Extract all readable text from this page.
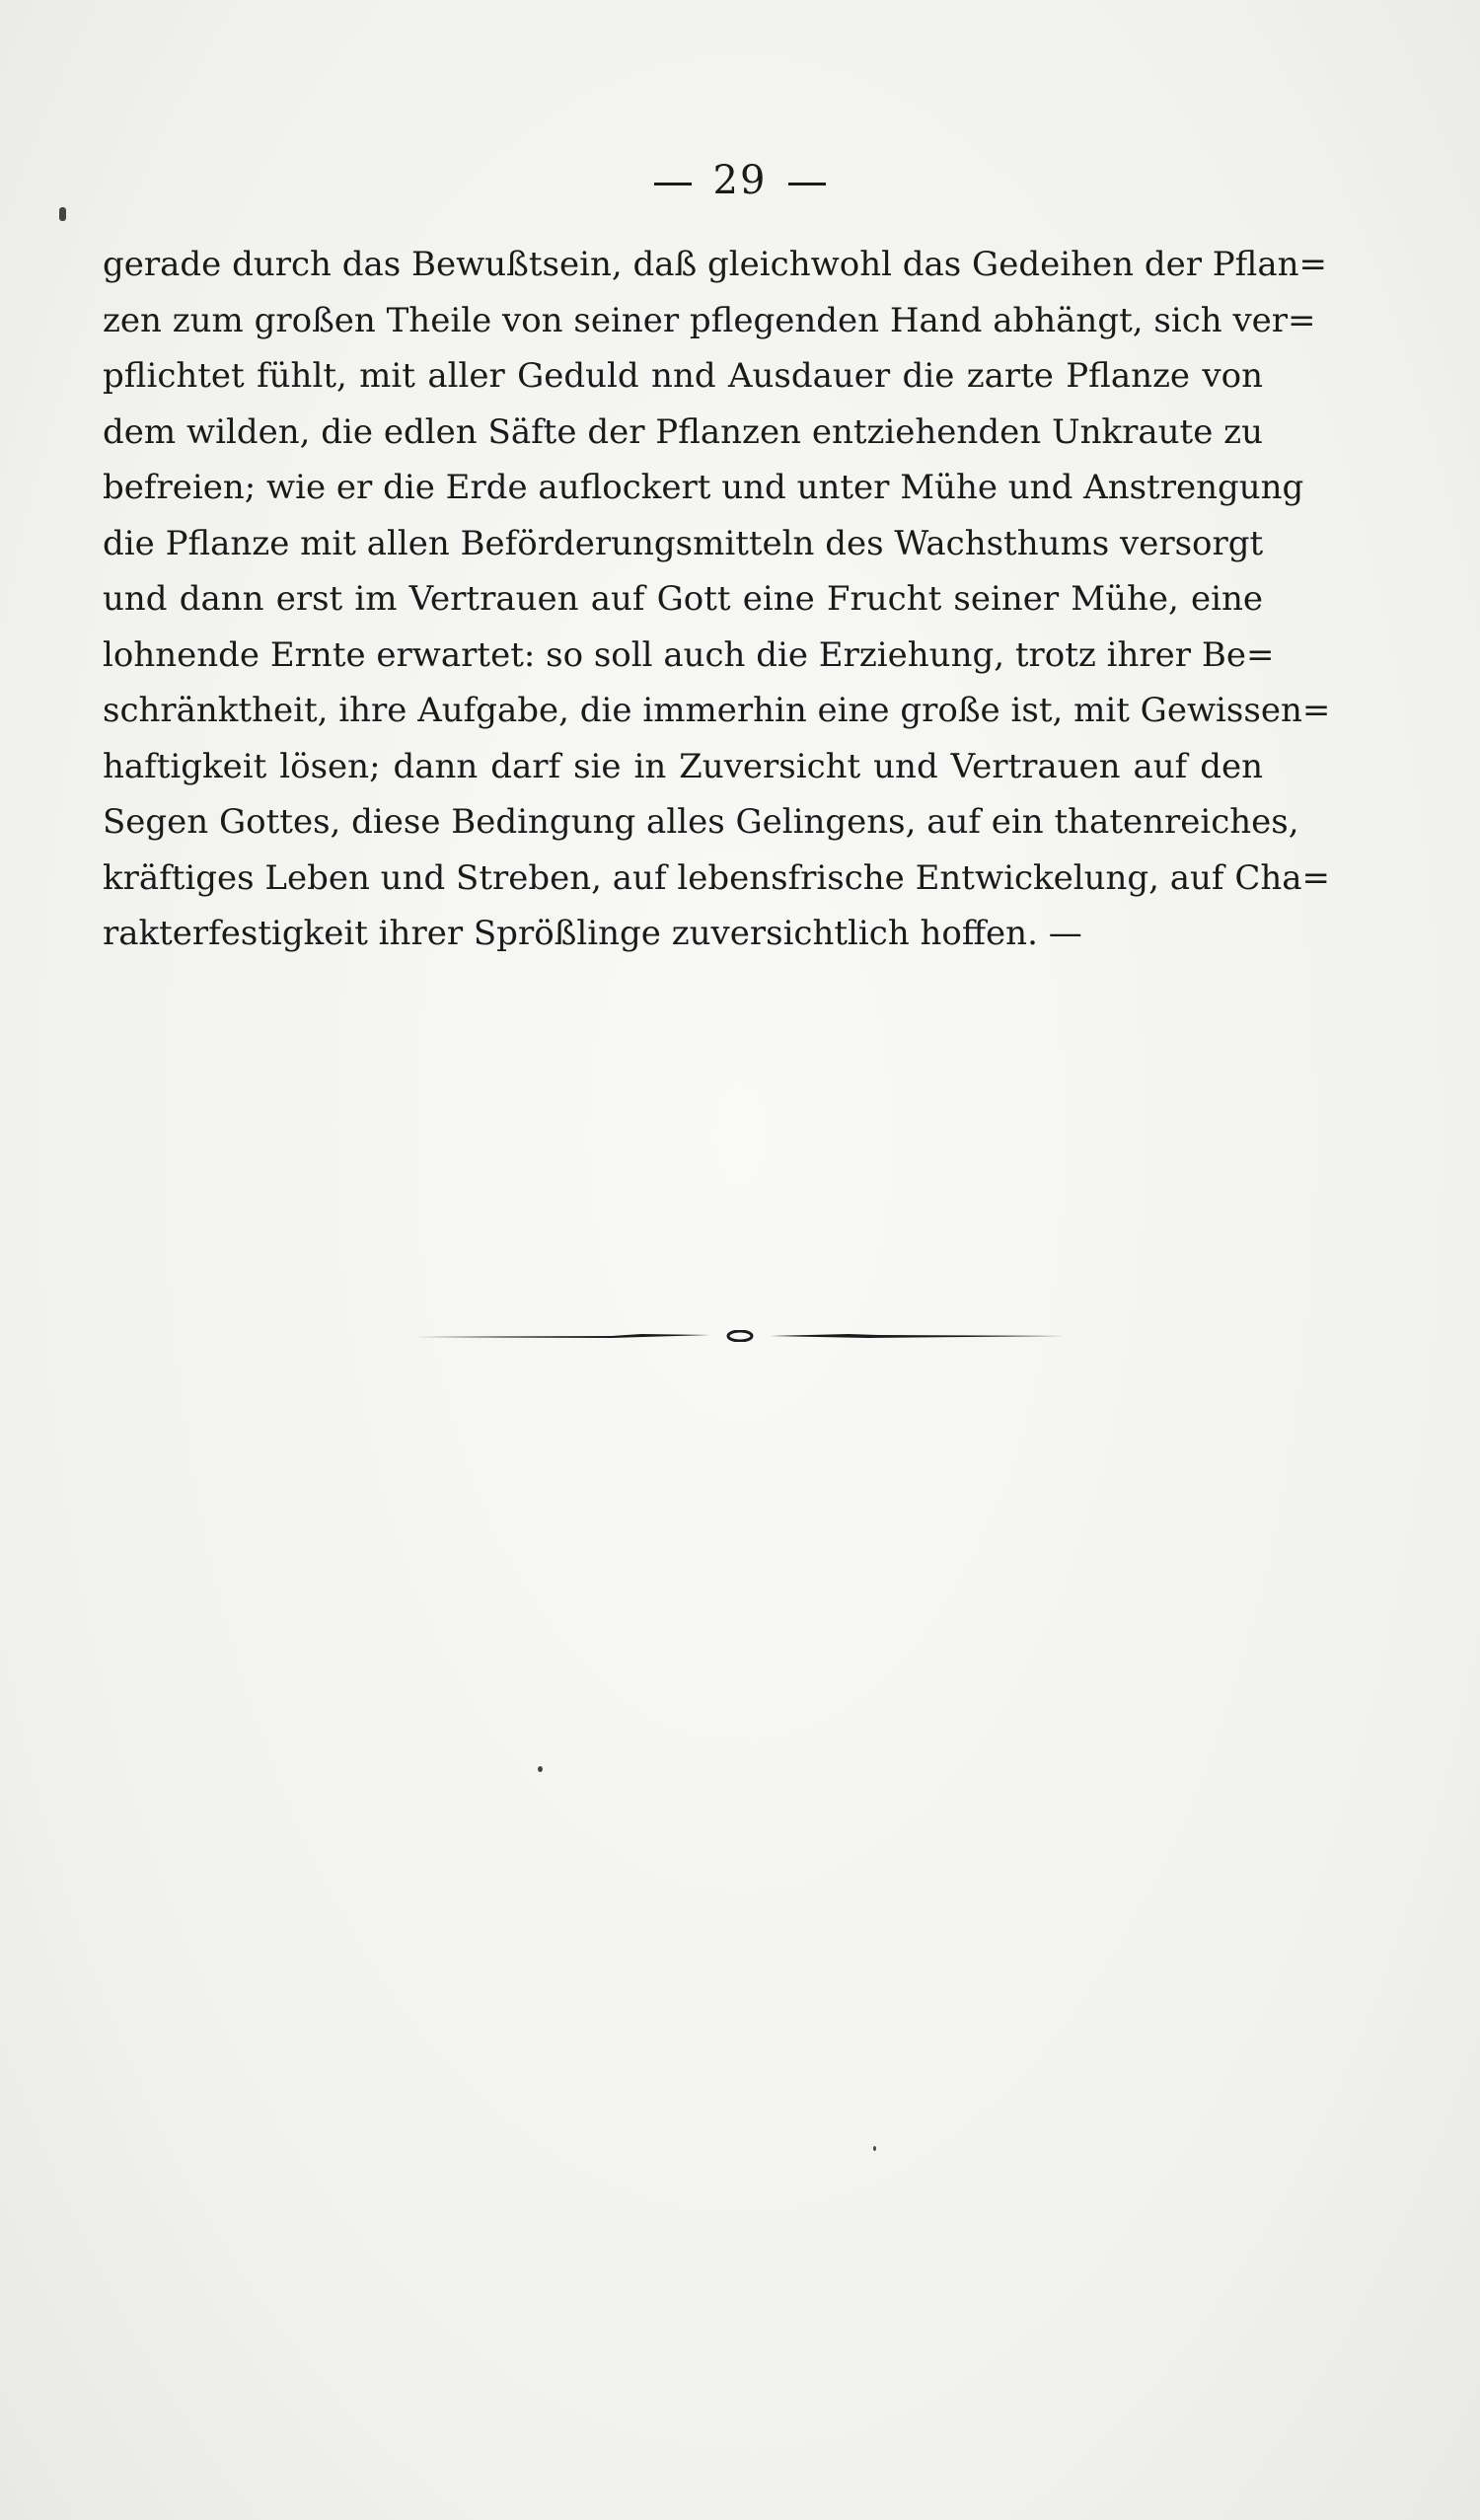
29
gerade durch das Bewußtsein, daß gleichwohl das Gedeihen der Pflan=
zen zum großen Theile von seiner pflegenden Hand abhängt, sich ver=
pflichtet fühlt, mit aller Geduld nnd Ausdauer die zarte Pflanze von
dem wilden, die edlen Säfte der Pflanzen entziehenden Unkraute zu
befreien; wie er die Erde auflockert und unter Mühe und Anstrengung
die Pflanze mit allen Beförderungsmitteln des Wachsthums versorgt
und dann erst im Vertrauen auf Gott eine Frucht seiner Mühe, eine
lohnende Ernte erwartet: so soll auch die Erziehung, trotz ihrer Be=
schränktheit, ihre Aufgabe, die immerhin eine große ist, mit Gewissen=
haftigkeit lösen; dann darf sie in Zuversicht und Vertrauen auf den
Segen Gottes, diese Bedingung alles Gelingens, auf ein thatenreiches,
kräftiges Leben und Streben, auf lebensfrische Entwickelung, auf Cha=
rakterfestigkeit ihrer Sprößlinge zuversichtlich hoffen. —
